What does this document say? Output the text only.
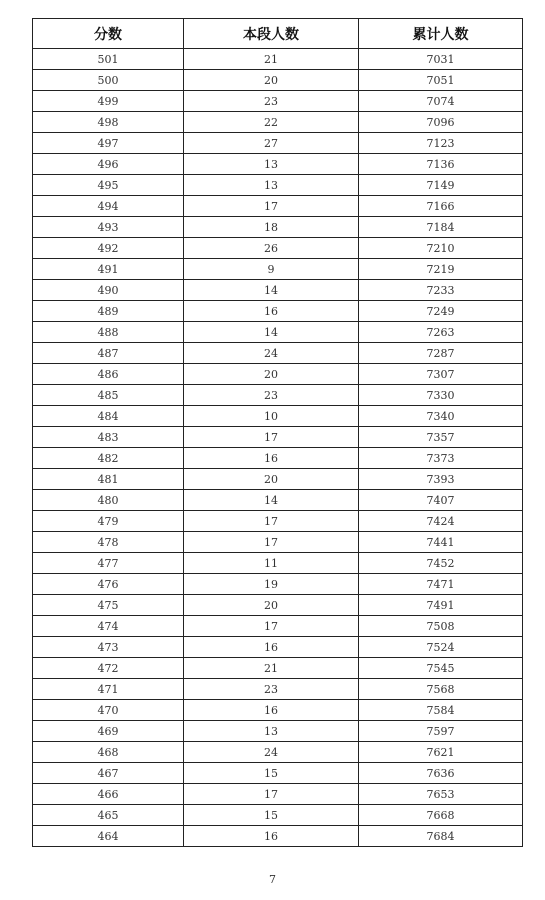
分数	本段人数	累计人数
501	21	7031
500	20	7051
499	23	7074
498	22	7096
497	27	7123
496	13	7136
495	13	7149
494	17	7166
493	18	7184
492	26	7210
491	9	7219
490	14	7233
489	16	7249
488	14	7263
487	24	7287
486	20	7307
485	23	7330
484	10	7340
483	17	7357
482	16	7373
481	20	7393
480	14	7407
479	17	7424
478	17	7441
477	11	7452
476	19	7471
475	20	7491
474	17	7508
473	16	7524
472	21	7545
471	23	7568
470	16	7584
469	13	7597
468	24	7621
467	15	7636
466	17	7653
465	15	7668
464	16	7684
7
